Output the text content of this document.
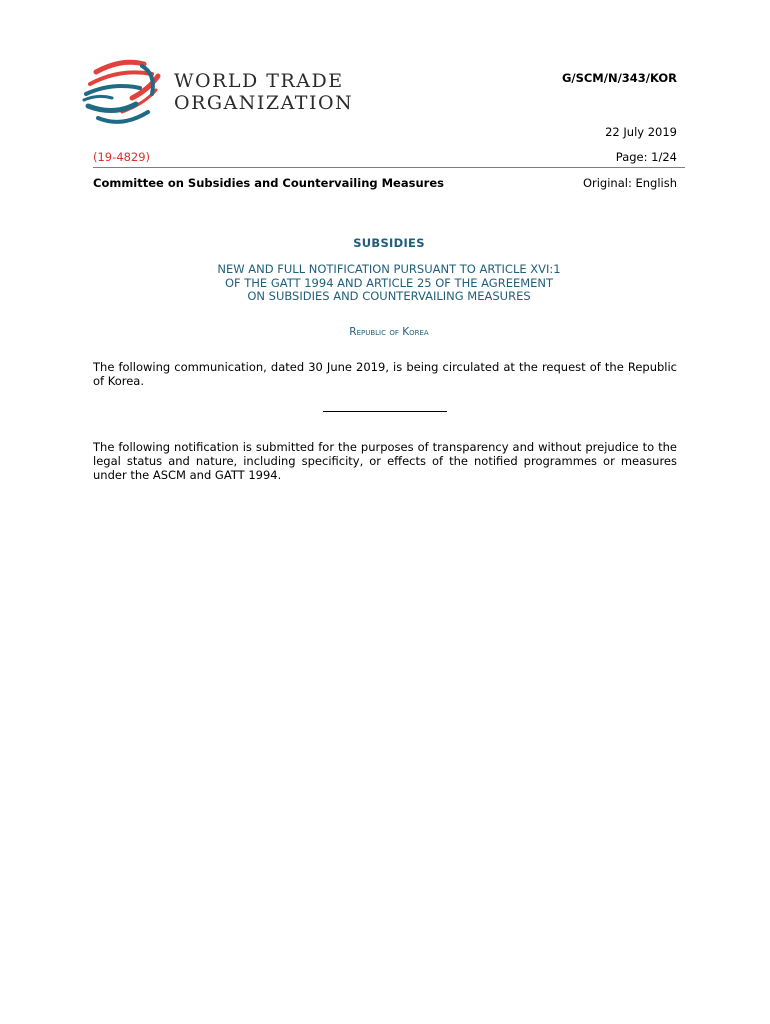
WORLD TRADE
ORGANIZATION
G/SCM/N/343/KOR
22 July 2019
(19-4829)	Page: 1/24
Committee on Subsidies and Countervailing Measures	Original: English
SUBSIDIES
NEW AND FULL NOTIFICATION PURSUANT TO ARTICLE XVI:1
OF THE GATT 1994 AND ARTICLE 25 OF THE AGREEMENT
ON SUBSIDIES AND COUNTERVAILING MEASURES
Republic of Korea
The following communication, dated 30 June 2019, is being circulated at the request of the Republic of Korea.
The following notification is submitted for the purposes of transparency and without prejudice to the legal status and nature, including specificity, or effects of the notified programmes or measures under the ASCM and GATT 1994.
